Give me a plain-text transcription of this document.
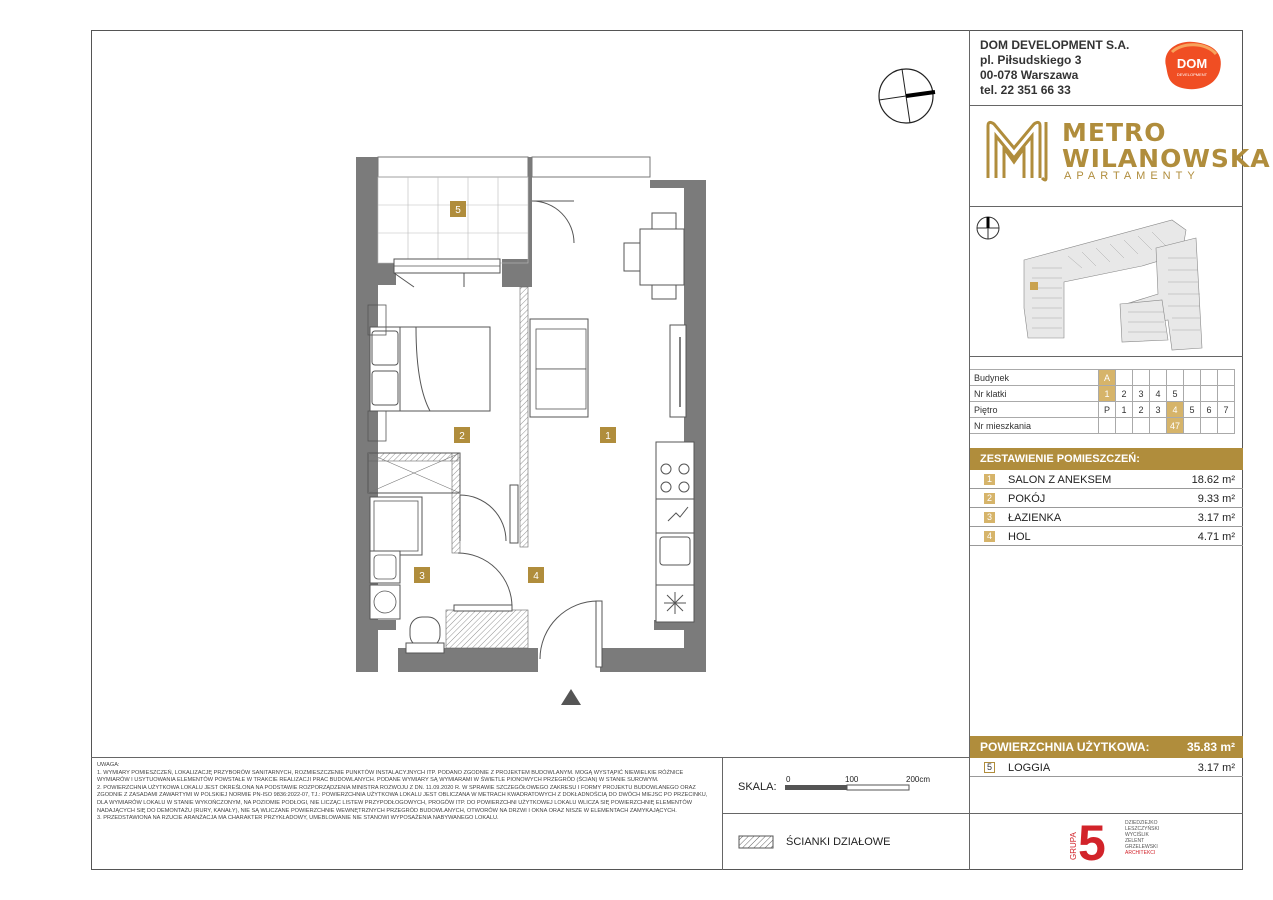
DOM DEVELOPMENT S.A.
pl. Piłsudskiego 3
00-078 Warszawa
tel. 22 351 66 33
DOM
DEVELOPMENT
METRO
WILANOWSKA
APARTAMENTY
Budynek	A							
Nr klatki	1	2	3	4	5			
Piętro	P	1	2	3	4	5	6	7
Nr mieszkania					47			
ZESTAWIENIE POMIESZCZEŃ:
1 SALON Z ANEKSEM	18.62 m²
2 POKÓJ	9.33 m²
3 ŁAZIENKA	3.17 m²
4 HOL	4.71 m²
POWIERZCHNIA UŻYTKOWA:	35.83 m²
5 LOGGIA	3.17 m²
UWAGA:
1. WYMIARY POMIESZCZEŃ, LOKALIZACJĘ PRZYBORÓW SANITARNYCH, ROZMIESZCZENIE PUNKTÓW INSTALACYJNYCH ITP. PODANO ZGODNIE Z PROJEKTEM BUDOWLANYM. MOGĄ WYSTĄPIĆ NIEWIELKIE RÓŻNICE WYMIARÓW I USYTUOWANIA ELEMENTÓW POWSTAŁE W TRAKCIE REALIZACJI PRAC BUDOWLANYCH. PODANE WYMIARY SĄ WYMIARAMI W ŚWIETLE PIONOWYCH PRZEGRÓD (ŚCIAN) W STANIE SUROWYM.
2. POWIERZCHNIA UŻYTKOWA LOKALU JEST OKREŚLONA NA PODSTAWIE ROZPORZĄDZENIA MINISTRA ROZWOJU Z DN. 11.09.2020 R. W SPRAWIE SZCZEGÓŁOWEGO ZAKRESU I FORMY PROJEKTU BUDOWLANEGO ORAZ ZGODNIE Z ZASADAMI ZAWARTYMI W POLSKIEJ NORMIE PN-ISO 9836:2022-07, TJ.: POWIERZCHNIA UŻYTKOWA LOKALU JEST OBLICZANA W METRACH KWADRATOWYCH Z DOKŁADNOŚCIĄ DO DWÓCH MIEJSC PO PRZECINKU, DLA WYMIARÓW LOKALU W STANIE WYKOŃCZONYM, NA POZIOMIE PODŁOGI, NIE LICZĄC LISTEW PRZYPODŁOGOWYCH, PROGÓW ITP. DO POWIERZCHNI UŻYTKOWEJ LOKALU WLICZA SIĘ POWIERZCHNIĘ ELEMENTÓW NADAJĄCYCH SIĘ DO DEMONTAŻU (RURY, KANAŁY), NIE SĄ WLICZANE POWIERZCHNIE WEWNĘTRZNYCH PRZEGRÓD BUDOWLANYCH, OTWORÓW NA DRZWI I OKNA ORAZ NISZE W ELEMENTACH ZAMYKAJĄCYCH.
3. PRZEDSTAWIONA NA RZUCIE ARANŻACJA MA CHARAKTER PRZYKŁADOWY, UMEBLOWANIE NIE STANOWI WYPOSAŻENIA NABYWANEGO LOKALU.
SKALA:
0	100	200cm
ŚCIANKI DZIAŁOWE	GRUPA 5	DZIEDZIEJKO
LESZCZYŃSKI
WYCIŚLIK
ZELENT
GRZELEWSKI
ARCHITEKCI
5
2	1
3	4
